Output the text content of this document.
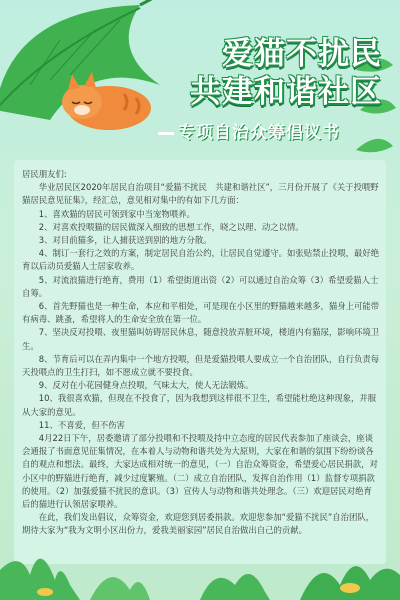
爱猫不扰民
共建和谐社区
专项自治众筹倡议书

居民朋友们:

华业居民区2020年居民自治项目“爱猫不扰民　共建和谐社区”，三月份开展了《关于投喂野猫居民意见征集》，经汇总，意见相对集中的有如下几方面：

1、喜欢猫的居民可领到家中当宠物喂养。

2、对喜欢投喂猫的居民做深入细致的思想工作，晓之以理、动之以情。

3、对目前猫多，让人捕获送到别的地方分散。

4、制订一套行之效的方案，制定居民自治公约，让居民自觉遵守。如张贴禁止投喂，最好绝育以后动员爱猫人士居家收养。

5、对流浪猫进行绝育，费用（1）希望街道出资（2）可以通过自治众筹（3）希望爱猫人士自筹。

6、首先野猫也是一种生命，本应和平相处，可是现在小区里的野猫越来越多，猫身上可能带有病毒、跳蚤，希望将人的生命安全放在第一位。

7、坚决反对投喂、夜里猫叫妨碍居民休息，随意投放弄脏环境，楼道内有猫尿，影响环境卫生。

8、节育后可以在弄内集中一个地方投喂，但是爱猫投喂人要成立一个自治团队，自行负责每天投喂点的卫生打扫，如不愿成立就不要投食。

9、反对在小花园健身点投喂，气味太大，使人无法锻炼。

10、我很喜欢猫，但现在不投食了，因为我想到这样很不卫生，希望能杜绝这种现象，并服从大家的意见。

11、不喜爱，但不伤害

4月22日下午，居委邀请了部分投喂和不投喂及持中立态度的居民代表参加了座谈会，座谈会通报了书面意见征集情况，在本着人与动物和谐共处为大原则，大家在和谐的氛围下纷纷谈各自的观点和想法。最终，大家达成相对统一的意见，（一）自治众筹资金，希望爱心居民捐款，对小区中的野猫进行绝育，减少过度繁殖。（二）成立自治团队，发挥自治作用（1）监督专项捐款的使用。（2）加强爱猫不扰民的意识。（3）宣传人与动物和谐共处理念。（三）欢迎居民对绝育后的猫进行认领居家喂养。

在此，我们发出倡议，众筹资金，欢迎您到居委捐款。欢迎您参加“爱猫不扰民”自治团队，期待大家为“我为文明小区出份力，爱我美丽家园”居民自治做出自己的贡献。
